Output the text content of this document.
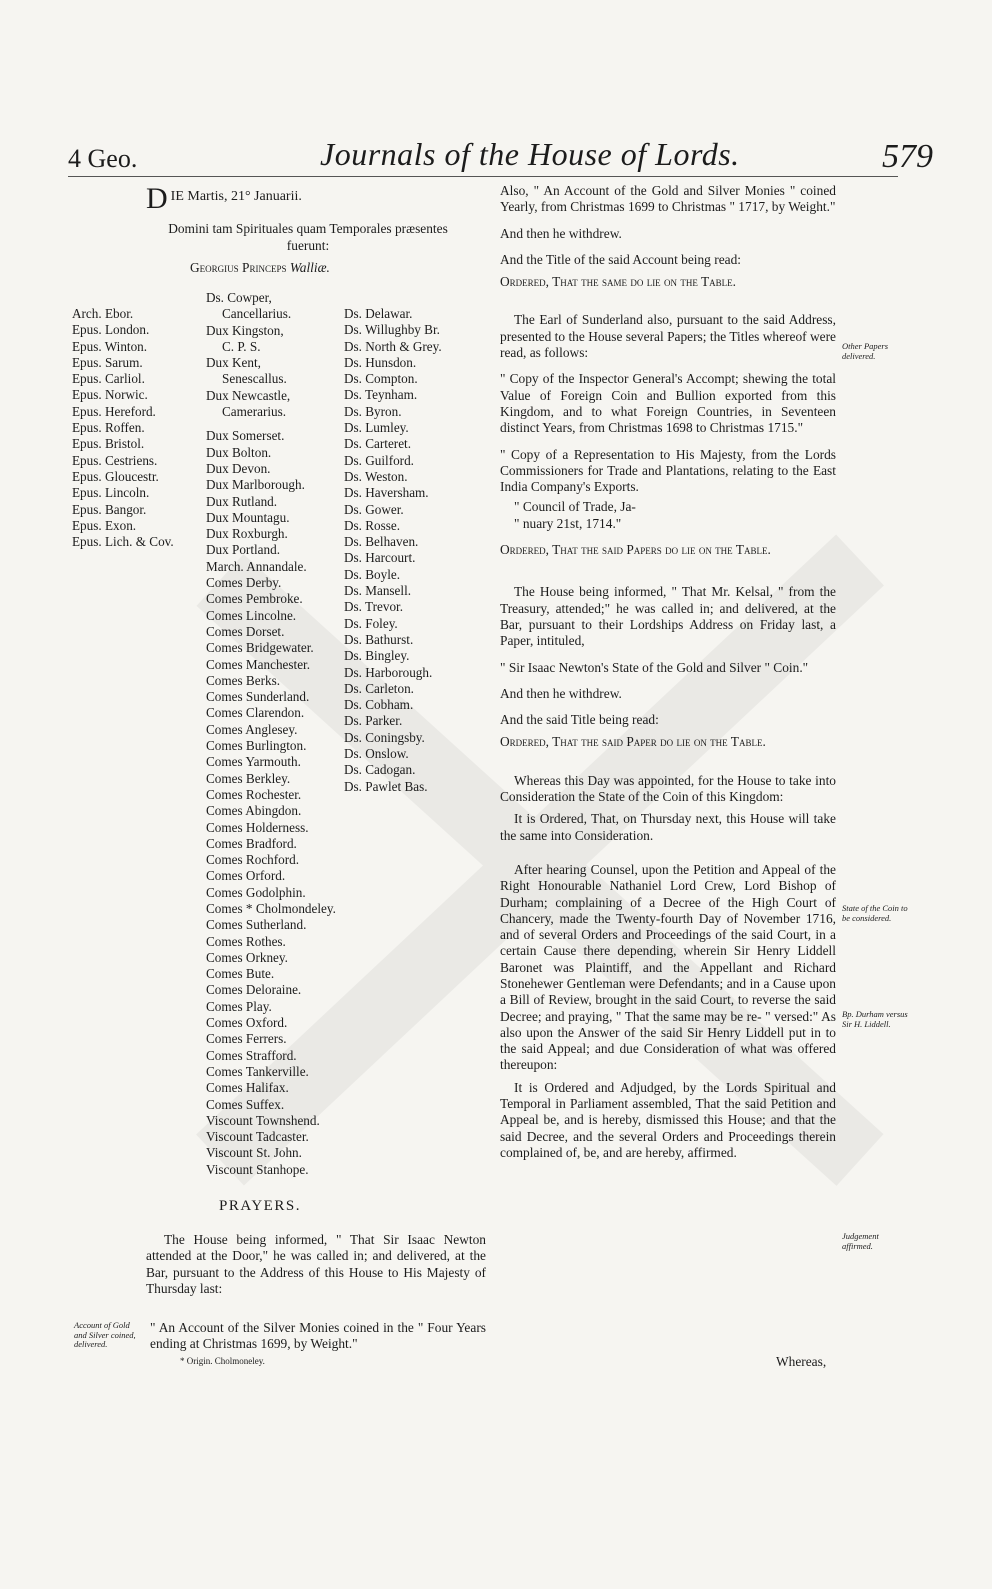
4 Geo.	Journals of the House of Lords.	579
D IE Martis, 21° Januarii.
Domini tam Spirituales quam Temporales præsentes
fuerunt:
Georgius Princeps Walliæ.
Arch. Ebor.
Epus. London.
Epus. Winton.
Epus. Sarum.
Epus. Carliol.
Epus. Norwic.
Epus. Hereford.
Epus. Roffen.
Epus. Bristol.
Epus. Cestriens.
Epus. Gloucestr.
Epus. Lincoln.
Epus. Bangor.
Epus. Exon.
Epus. Lich. & Cov.
Ds. Cowper,
Cancellarius.
Dux Kingston,
C. P. S.
Dux Kent,
Senescallus.
Dux Newcastle,
Camerarius.
Dux Somerset.
Dux Bolton.
Dux Devon.
Dux Marlborough.
Dux Rutland.
Dux Mountagu.
Dux Roxburgh.
Dux Portland.
March. Annandale.
Comes Derby.
Comes Pembroke.
Comes Lincolne.
Comes Dorset.
Comes Bridgewater.
Comes Manchester.
Comes Berks.
Comes Sunderland.
Comes Clarendon.
Comes Anglesey.
Comes Burlington.
Comes Yarmouth.
Comes Berkley.
Comes Rochester.
Comes Abingdon.
Comes Holderness.
Comes Bradford.
Comes Rochford.
Comes Orford.
Comes Godolphin.
Comes * Cholmondeley.
Comes Sutherland.
Comes Rothes.
Comes Orkney.
Comes Bute.
Comes Deloraine.
Comes Play.
Comes Oxford.
Comes Ferrers.
Comes Strafford.
Comes Tankerville.
Comes Halifax.
Comes Suffex.
Viscount Townshend.
Viscount Tadcaster.
Viscount St. John.
Viscount Stanhope.
Ds. Delawar.
Ds. Willughby Br.
Ds. North & Grey.
Ds. Hunsdon.
Ds. Compton.
Ds. Teynham.
Ds. Byron.
Ds. Lumley.
Ds. Carteret.
Ds. Guilford.
Ds. Weston.
Ds. Haversham.
Ds. Gower.
Ds. Rosse.
Ds. Belhaven.
Ds. Harcourt.
Ds. Boyle.
Ds. Mansell.
Ds. Trevor.
Ds. Foley.
Ds. Bathurst.
Ds. Bingley.
Ds. Harborough.
Ds. Carleton.
Ds. Cobham.
Ds. Parker.
Ds. Coningsby.
Ds. Onslow.
Ds. Cadogan.
Ds. Pawlet Bas.
PRAYERS.
The House being informed, " That Sir Isaac Newton attended at the Door," he was called in; and delivered, at the Bar, pursuant to the Address of this House to His Majesty of Thursday last:
Account of Gold and Silver coined, delivered.
" An Account of the Silver Monies coined in the " Four Years ending at Christmas 1699, by Weight."
* Origin. Cholmoneley.

Also, " An Account of the Gold and Silver Monies " coined Yearly, from Christmas 1699 to Christmas " 1717, by Weight."

And then he withdrew.

And the Title of the said Account being read:

Ordered, That the same do lie on the Table.

The Earl of Sunderland also, pursuant to the said Address, presented to the House several Papers; the Titles whereof were read, as follows:

" Copy of the Inspector General's Accompt; shewing the total Value of Foreign Coin and Bullion exported from this Kingdom, and to what Foreign Countries, in Seventeen distinct Years, from Christmas 1698 to Christmas 1715."

" Copy of a Representation to His Majesty, from the Lords Commissioners for Trade and Plantations, relating to the East India Company's Exports.

" Council of Trade, Ja-

" nuary 21st, 1714."

Ordered, That the said Papers do lie on the Table.

The House being informed, " That Mr. Kelsal, " from the Treasury, attended;" he was called in; and delivered, at the Bar, pursuant to their Lordships Address on Friday last, a Paper, intituled,

" Sir Isaac Newton's State of the Gold and Silver " Coin."

And then he withdrew.

And the said Title being read:

Ordered, That the said Paper do lie on the Table.

Whereas this Day was appointed, for the House to take into Consideration the State of the Coin of this Kingdom:

It is Ordered, That, on Thursday next, this House will take the same into Consideration.

After hearing Counsel, upon the Petition and Appeal of the Right Honourable Nathaniel Lord Crew, Lord Bishop of Durham; complaining of a Decree of the High Court of Chancery, made the Twenty-fourth Day of November 1716, and of several Orders and Proceedings of the said Court, in a certain Cause there depending, wherein Sir Henry Liddell Baronet was Plaintiff, and the Appellant and Richard Stonehewer Gentleman were Defendants; and in a Cause upon a Bill of Review, brought in the said Court, to reverse the said Decree; and praying, " That the same may be re- " versed:" As also upon the Answer of the said Sir Henry Liddell put in to the said Appeal; and due Consideration of what was offered thereupon:

It is Ordered and Adjudged, by the Lords Spiritual and Temporal in Parliament assembled, That the said Petition and Appeal be, and is hereby, dismissed this House; and that the said Decree, and the several Orders and Proceedings therein complained of, be, and are hereby, affirmed.

Other Papers delivered.
State of the Coin to be considered.
Bp. Durham versus Sir H. Liddell.
Judgement affirmed.
Whereas,
